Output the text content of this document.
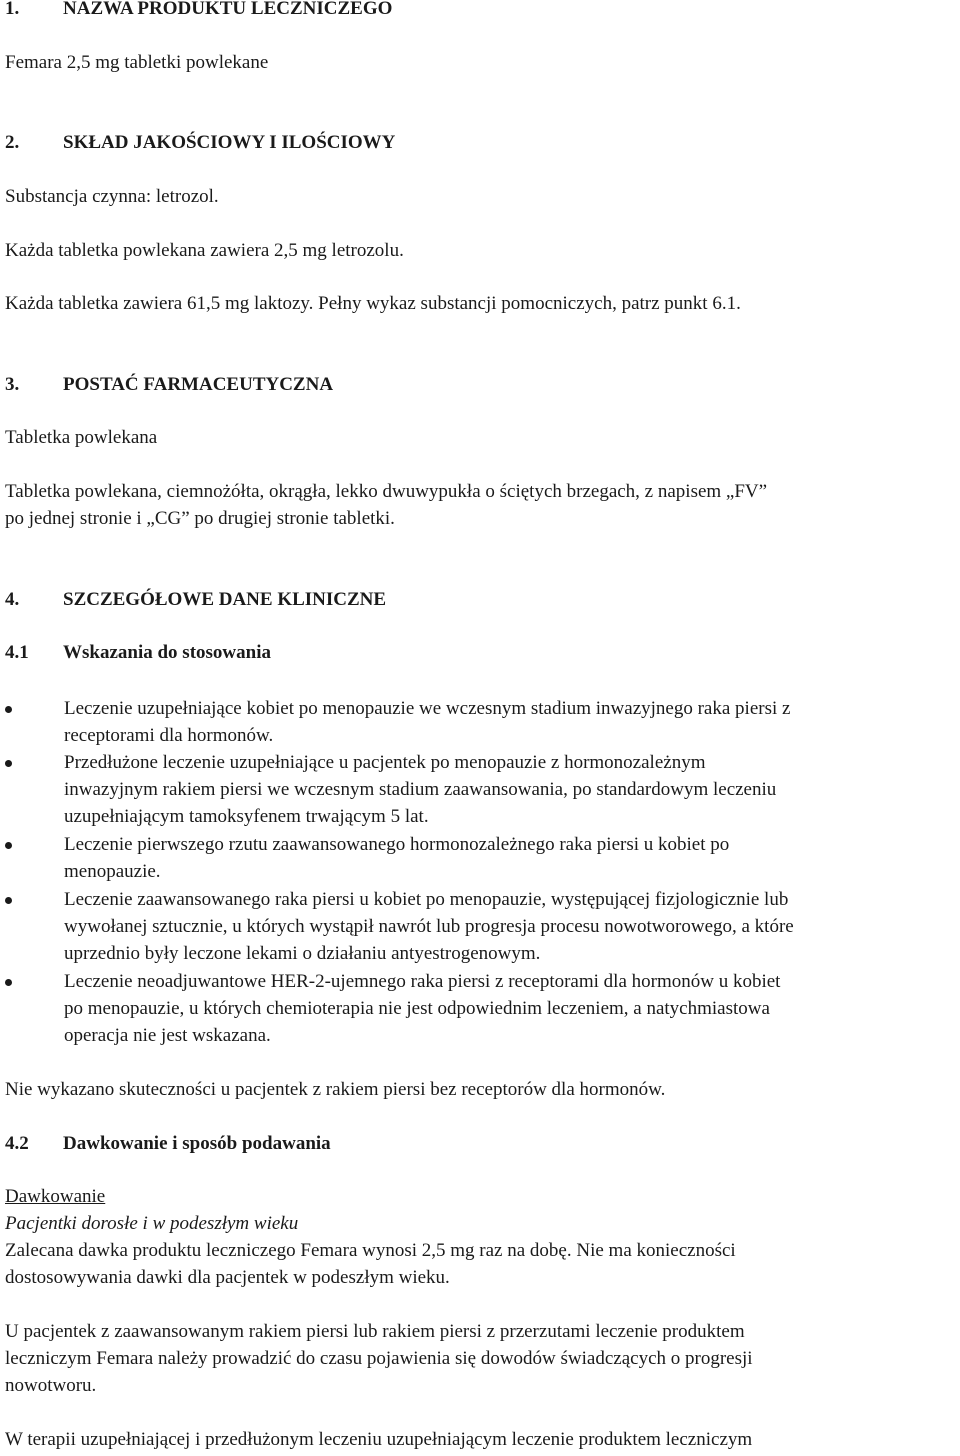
1. NAZWA PRODUKTU LECZNICZEGO
Femara 2,5 mg tabletki powlekane
2. SKŁAD JAKOŚCIOWY I ILOŚCIOWY
Substancja czynna: letrozol.
Każda tabletka powlekana zawiera 2,5 mg letrozolu.
Każda tabletka zawiera 61,5 mg laktozy. Pełny wykaz substancji pomocniczych, patrz punkt 6.1.
3. POSTAĆ FARMACEUTYCZNA
Tabletka powlekana
Tabletka powlekana, ciemnożółta, okrągła, lekko dwuwypukła o ściętych brzegach, z napisem „FV”
po jednej stronie i „CG” po drugiej stronie tabletki.
4. SZCZEGÓŁOWE DANE KLINICZNE
4.1 Wskazania do stosowania
Leczenie uzupełniające kobiet po menopauzie we wczesnym stadium inwazyjnego raka piersi z
receptorami dla hormonów.
Przedłużone leczenie uzupełniające u pacjentek po menopauzie z hormonozależnym
inwazyjnym rakiem piersi we wczesnym stadium zaawansowania, po standardowym leczeniu
uzupełniającym tamoksyfenem trwającym 5 lat.
Leczenie pierwszego rzutu zaawansowanego hormonozależnego raka piersi u kobiet po
menopauzie.
Leczenie zaawansowanego raka piersi u kobiet po menopauzie, występującej fizjologicznie lub
wywołanej sztucznie, u których wystąpił nawrót lub progresja procesu nowotworowego, a które
uprzednio były leczone lekami o działaniu antyestrogenowym.
Leczenie neoadjuwantowe HER-2-ujemnego raka piersi z receptorami dla hormonów u kobiet
po menopauzie, u których chemioterapia nie jest odpowiednim leczeniem, a natychmiastowa
operacja nie jest wskazana.
Nie wykazano skuteczności u pacjentek z rakiem piersi bez receptorów dla hormonów.
4.2 Dawkowanie i sposób podawania
Dawkowanie
Pacjentki dorosłe i w podeszłym wieku
Zalecana dawka produktu leczniczego Femara wynosi 2,5 mg raz na dobę. Nie ma konieczności
dostosowywania dawki dla pacjentek w podeszłym wieku.
U pacjentek z zaawansowanym rakiem piersi lub rakiem piersi z przerzutami leczenie produktem
leczniczym Femara należy prowadzić do czasu pojawienia się dowodów świadczących o progresji
nowotworu.
W terapii uzupełniającej i przedłużonym leczeniu uzupełniającym leczenie produktem leczniczym
